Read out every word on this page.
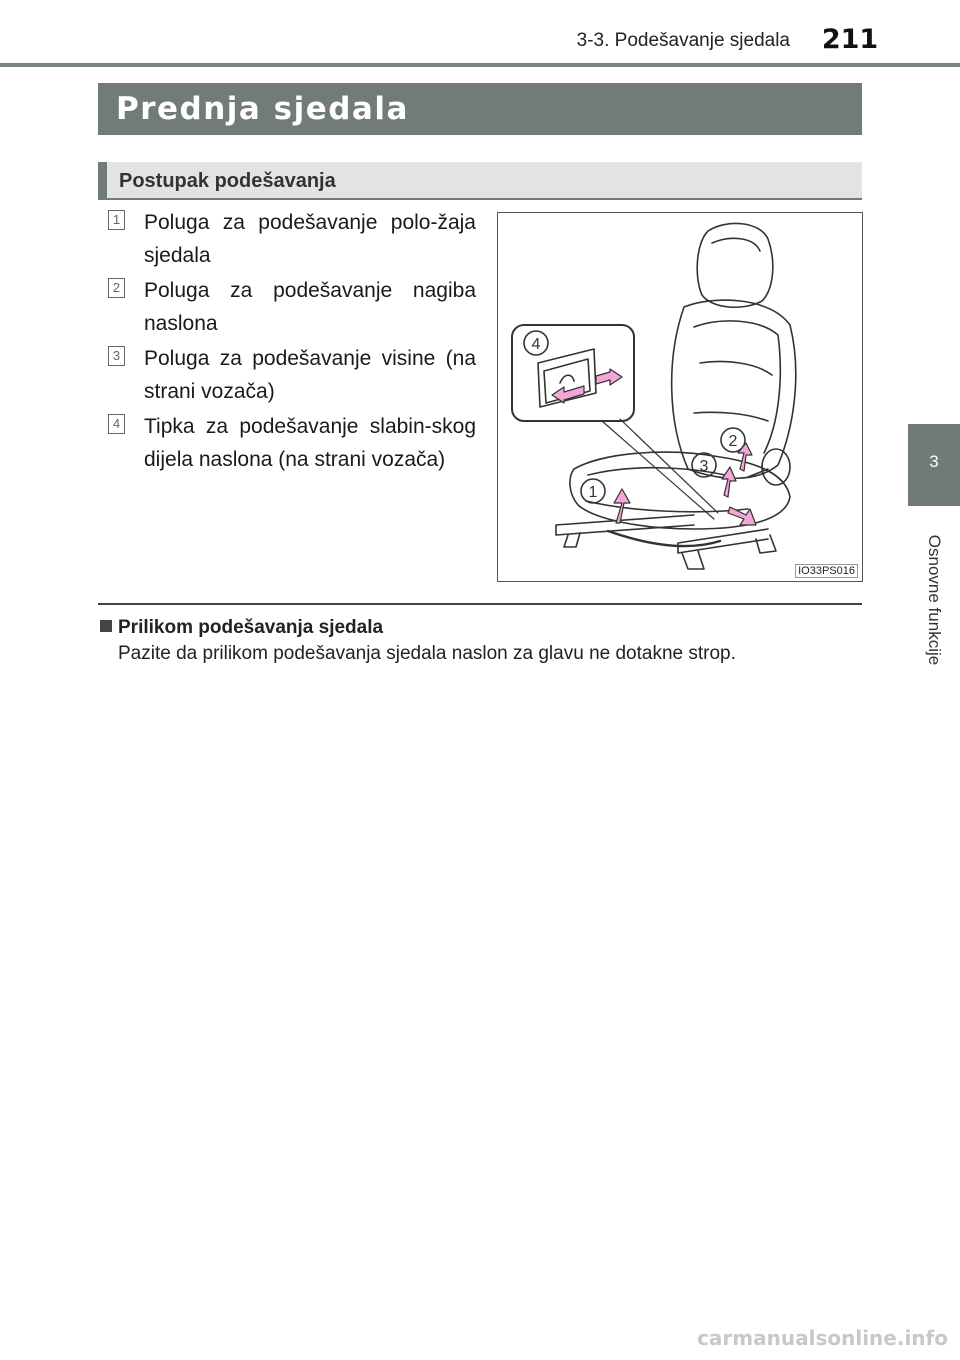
3-3. Podešavanje sjedala	211
3
Osnovne funkcije
Prednja sjedala
Postupak podešavanja
1 Poluga za podešavanje polo-žaja sjedala
2 Poluga za podešavanje nagiba naslona
3 Poluga za podešavanje visine (na strani vozača)
4 Tipka za podešavanje slabin-skog dijela naslona (na strani vozača)
4
2
3
1
IO33PS016
Prilikom podešavanja sjedala
Pazite da prilikom podešavanja sjedala naslon za glavu ne dotakne strop.
carmanualsonline.info
